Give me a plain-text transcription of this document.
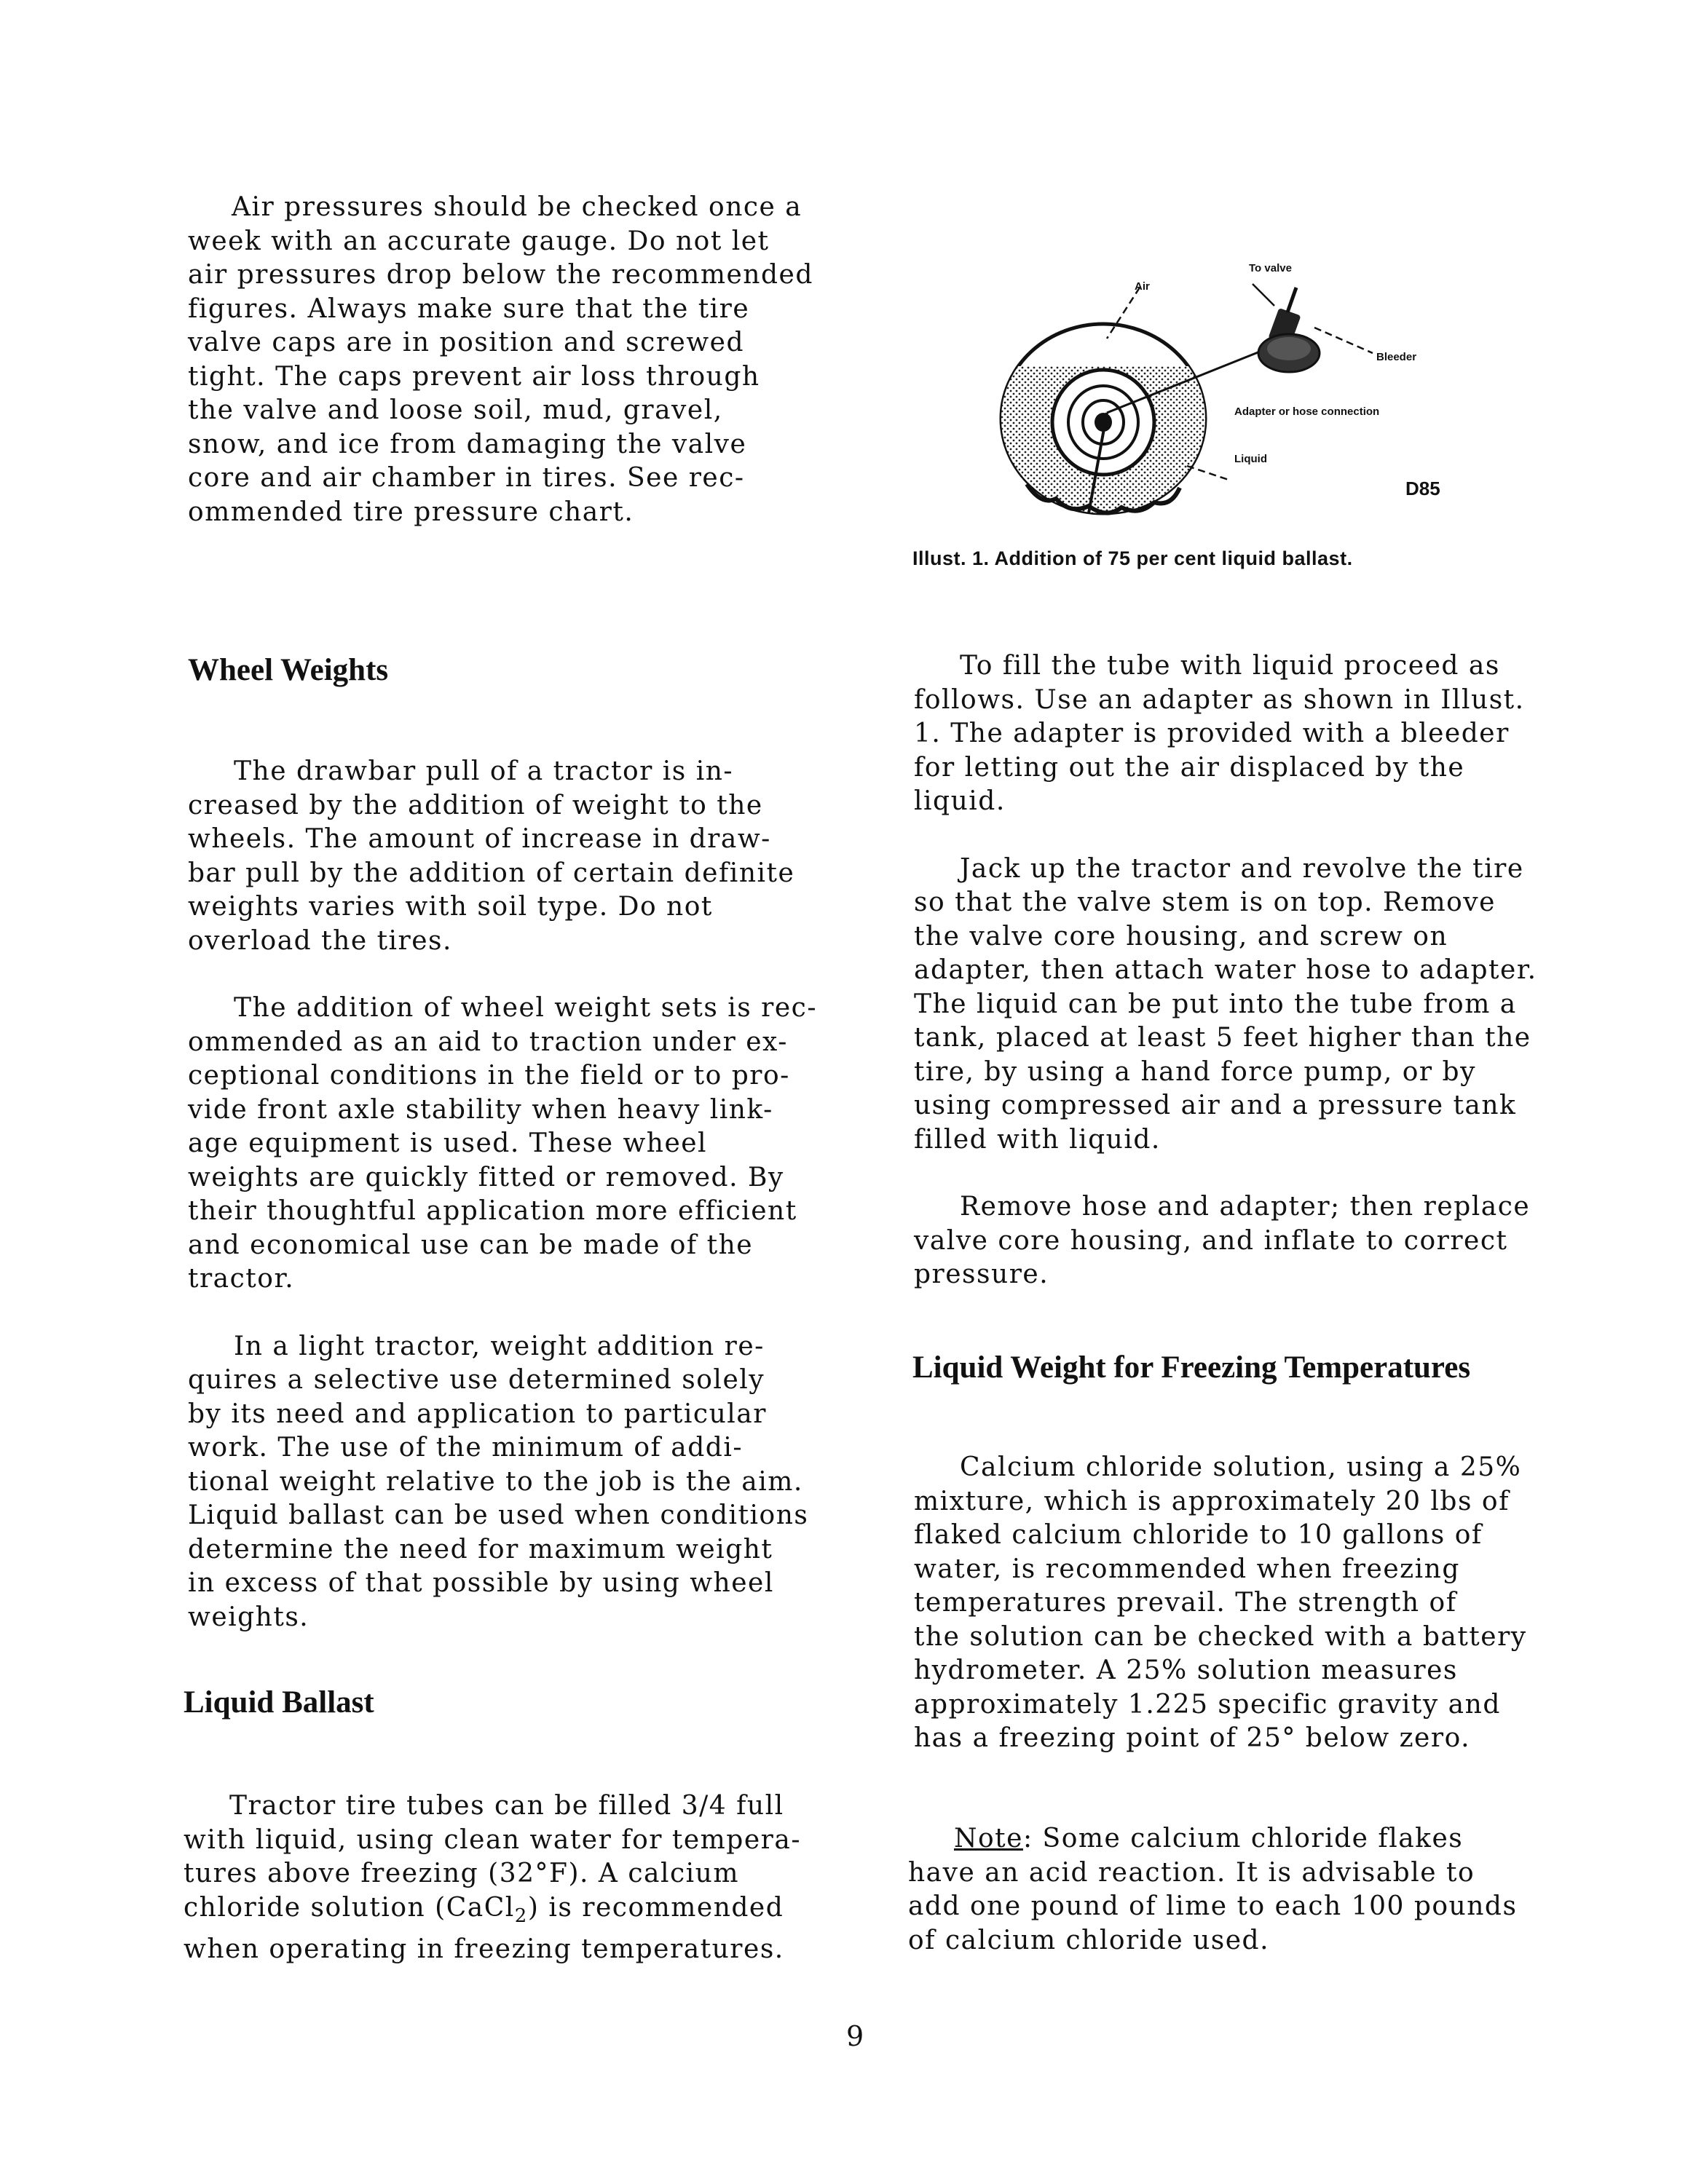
Air pressures should be checked once a
week with an accurate gauge. Do not let
air pressures drop below the recommended
figures. Always make sure that the tire
valve caps are in position and screwed
tight. The caps prevent air loss through
the valve and loose soil, mud, gravel,
snow, and ice from damaging the valve
core and air chamber in tires. See rec-
ommended tire pressure chart.

Air
To valve
Bleeder
Adapter or hose connection
Liquid
D85
Illust. 1. Addition of 75 per cent liquid ballast.
Wheel Weights

The drawbar pull of a tractor is in-
creased by the addition of weight to the
wheels. The amount of increase in draw-
bar pull by the addition of certain definite
weights varies with soil type. Do not
overload the tires.

The addition of wheel weight sets is rec-
ommended as an aid to traction under ex-
ceptional conditions in the field or to pro-
vide front axle stability when heavy link-
age equipment is used. These wheel
weights are quickly fitted or removed. By
their thoughtful application more efficient
and economical use can be made of the
tractor.

In a light tractor, weight addition re-
quires a selective use determined solely
by its need and application to particular
work. The use of the minimum of addi-
tional weight relative to the job is the aim.
Liquid ballast can be used when conditions
determine the need for maximum weight
in excess of that possible by using wheel
weights.

Liquid Ballast

Tractor tire tubes can be filled 3/4 full
with liquid, using clean water for tempera-
tures above freezing (32°F). A calcium
chloride solution (CaCl$_2$) is recommended
when operating in freezing temperatures.

To fill the tube with liquid proceed as
follows. Use an adapter as shown in Illust.
1. The adapter is provided with a bleeder
for letting out the air displaced by the
liquid.

Jack up the tractor and revolve the tire
so that the valve stem is on top. Remove
the valve core housing, and screw on
adapter, then attach water hose to adapter.
The liquid can be put into the tube from a
tank, placed at least 5 feet higher than the
tire, by using a hand force pump, or by
using compressed air and a pressure tank
filled with liquid.

Remove hose and adapter; then replace
valve core housing, and inflate to correct
pressure.

Liquid Weight for Freezing Temperatures

Calcium chloride solution, using a 25%
mixture, which is approximately 20 lbs of
flaked calcium chloride to 10 gallons of
water, is recommended when freezing
temperatures prevail. The strength of
the solution can be checked with a battery
hydrometer. A 25% solution measures
approximately 1.225 specific gravity and
has a freezing point of 25° below zero.

Note: Some calcium chloride flakes
have an acid reaction. It is advisable to
add one pound of lime to each 100 pounds
of calcium chloride used.

9
